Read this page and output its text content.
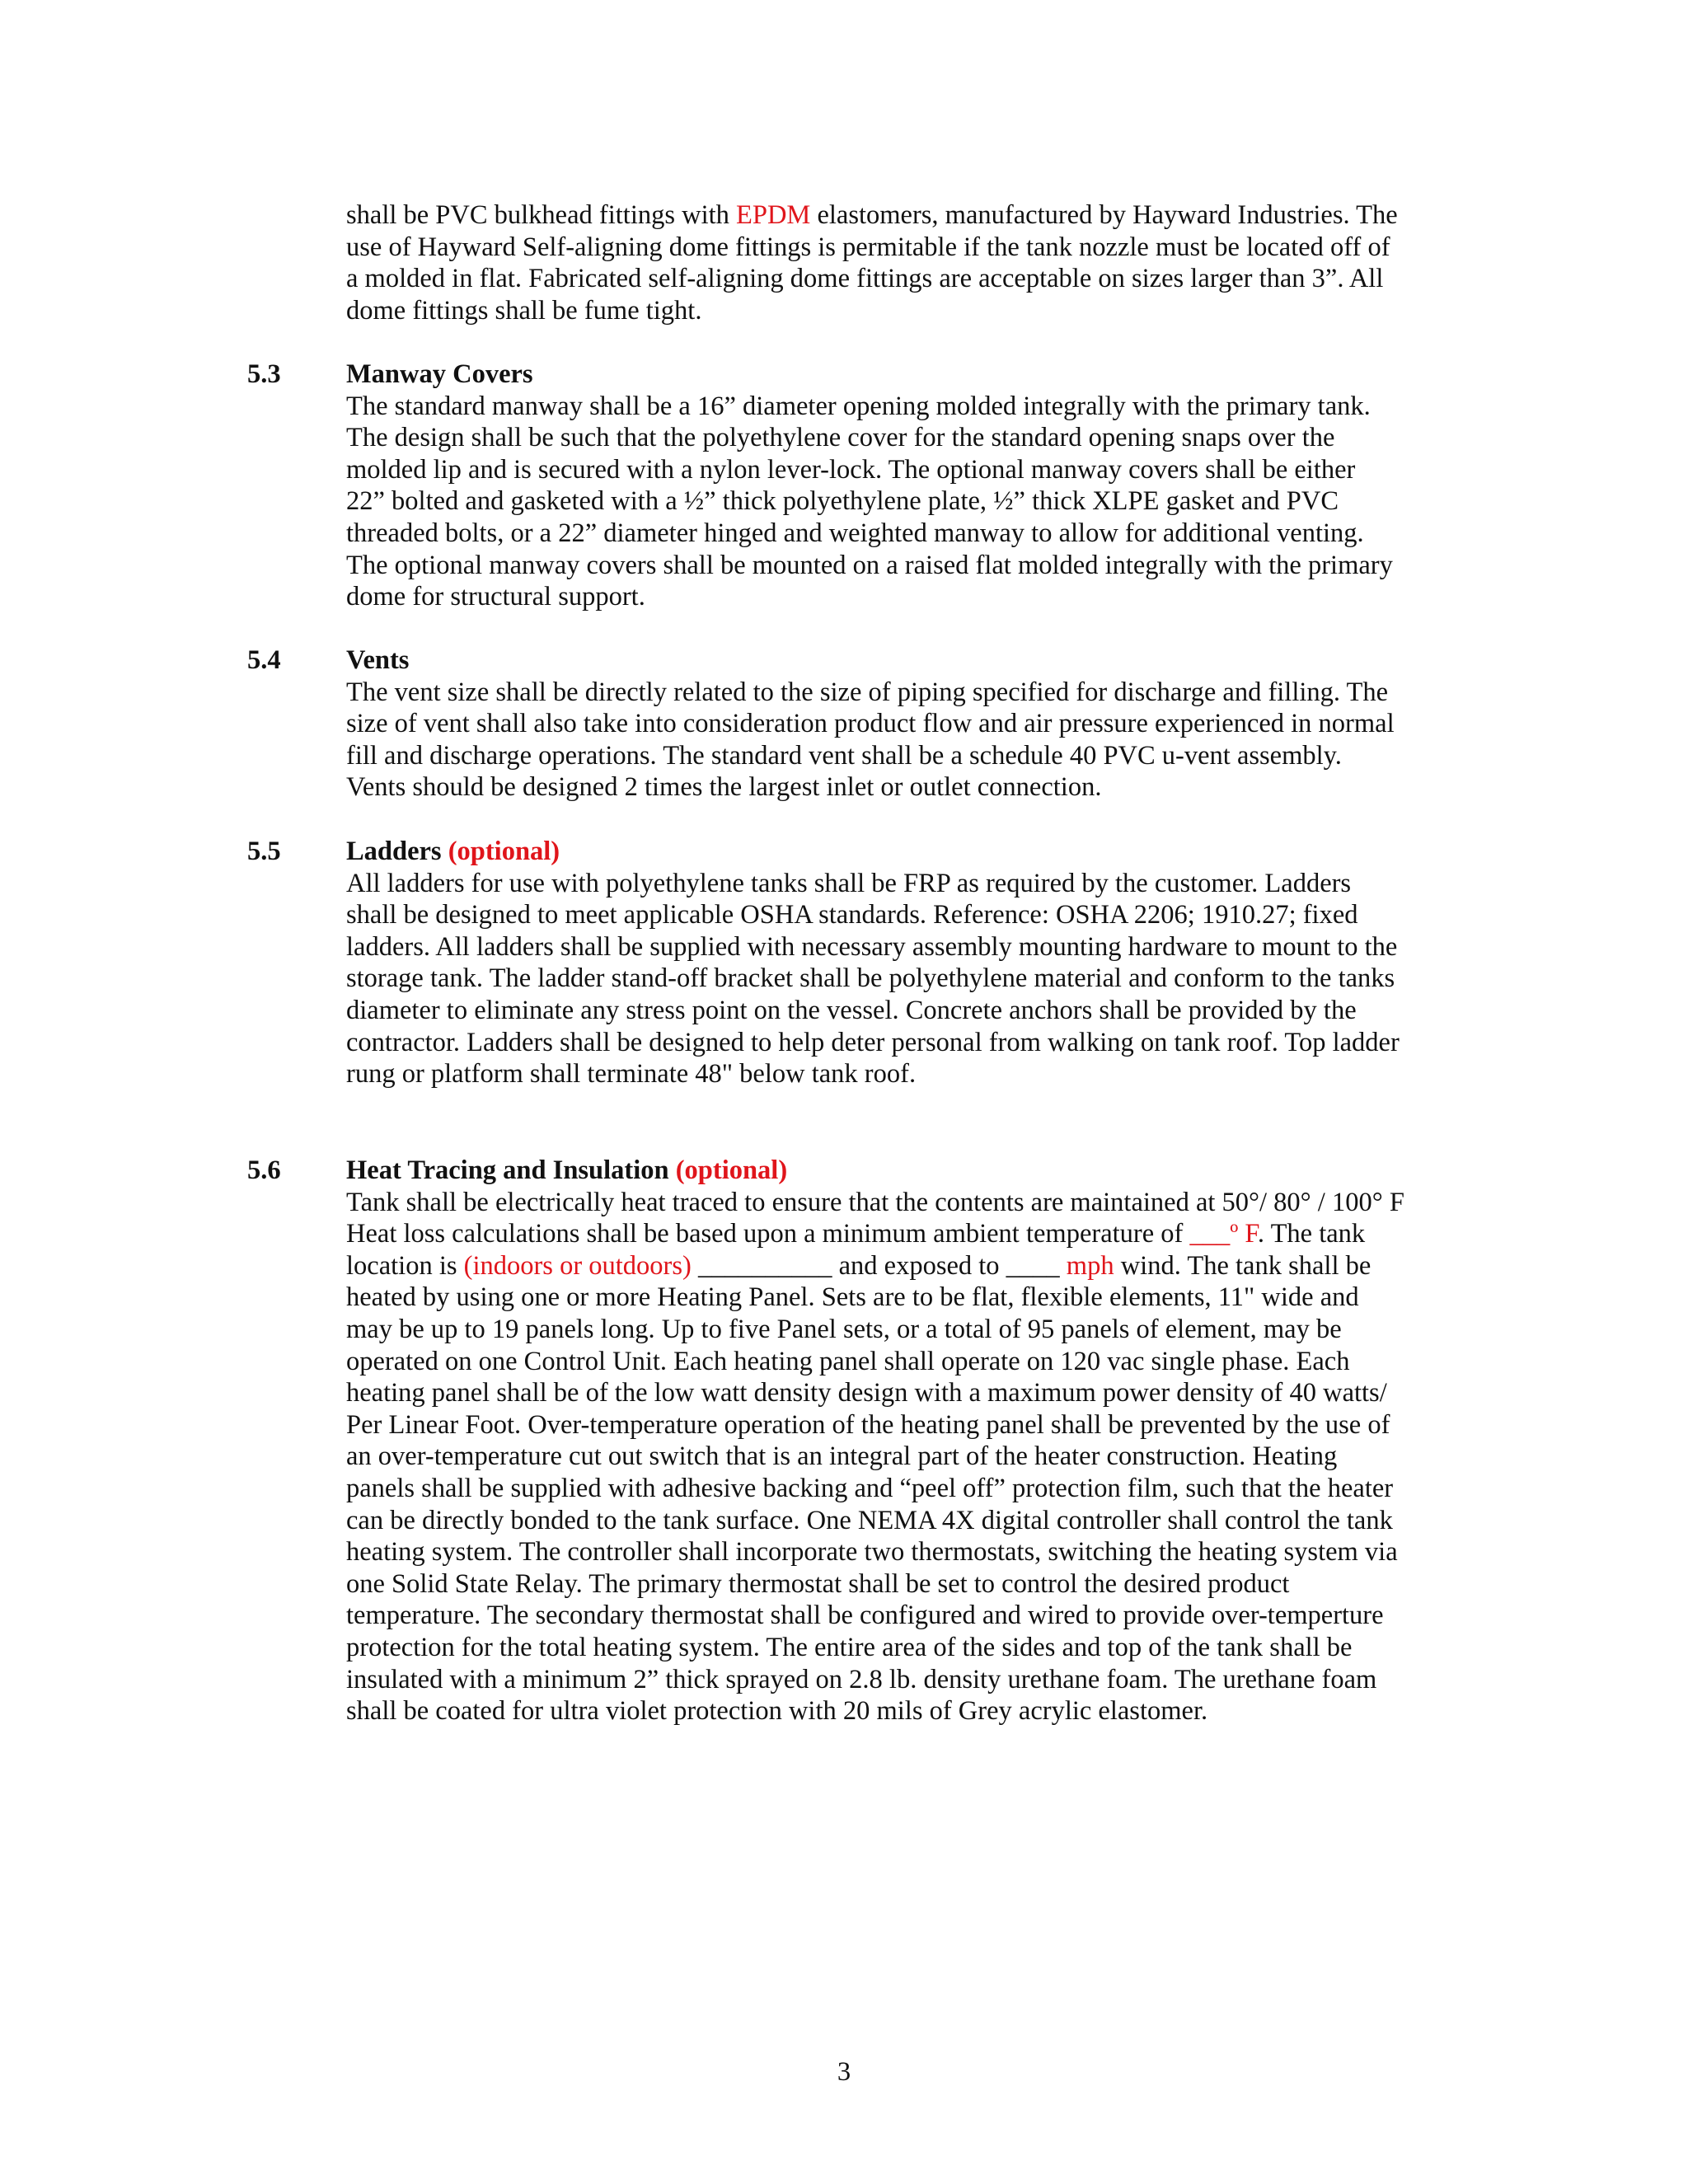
shall be PVC bulkhead fittings with EPDM elastomers, manufactured by Hayward Industries. The
use of Hayward Self-aligning dome fittings is permitable if the tank nozzle must be located off of
a molded in flat. Fabricated self-aligning dome fittings are acceptable on sizes larger than 3”. All
dome fittings shall be fume tight.
5.3 Manway Covers
The standard manway shall be a 16” diameter opening molded integrally with the primary tank.
The design shall be such that the polyethylene cover for the standard opening snaps over the
molded lip and is secured with a nylon lever-lock. The optional manway covers shall be either
22” bolted and gasketed with a ½” thick polyethylene plate, ½” thick XLPE gasket and PVC
threaded bolts, or a 22” diameter hinged and weighted manway to allow for additional venting.
The optional manway covers shall be mounted on a raised flat molded integrally with the primary
dome for structural support.
5.4 Vents
The vent size shall be directly related to the size of piping specified for discharge and filling. The
size of vent shall also take into consideration product flow and air pressure experienced in normal
fill and discharge operations. The standard vent shall be a schedule 40 PVC u-vent assembly.
Vents should be designed 2 times the largest inlet or outlet connection.
5.5 Ladders (optional)
All ladders for use with polyethylene tanks shall be FRP as required by the customer. Ladders
shall be designed to meet applicable OSHA standards. Reference: OSHA 2206; 1910.27; fixed
ladders. All ladders shall be supplied with necessary assembly mounting hardware to mount to the
storage tank. The ladder stand-off bracket shall be polyethylene material and conform to the tanks
diameter to eliminate any stress point on the vessel. Concrete anchors shall be provided by the
contractor. Ladders shall be designed to help deter personal from walking on tank roof. Top ladder
rung or platform shall terminate 48" below tank roof.
5.6 Heat Tracing and Insulation (optional)
Tank shall be electrically heat traced to ensure that the contents are maintained at 50°/ 80° / 100° F
Heat loss calculations shall be based upon a minimum ambient temperature of ___º F. The tank
location is (indoors or outdoors) __________ and exposed to ____ mph wind. The tank shall be
heated by using one or more Heating Panel. Sets are to be flat, flexible elements, 11" wide and
may be up to 19 panels long. Up to five Panel sets, or a total of 95 panels of element, may be
operated on one Control Unit. Each heating panel shall operate on 120 vac single phase. Each
heating panel shall be of the low watt density design with a maximum power density of 40 watts/
Per Linear Foot. Over-temperature operation of the heating panel shall be prevented by the use of
an over-temperature cut out switch that is an integral part of the heater construction. Heating
panels shall be supplied with adhesive backing and “peel off” protection film, such that the heater
can be directly bonded to the tank surface. One NEMA 4X digital controller shall control the tank
heating system. The controller shall incorporate two thermostats, switching the heating system via
one Solid State Relay. The primary thermostat shall be set to control the desired product
temperature. The secondary thermostat shall be configured and wired to provide over-temperture
protection for the total heating system. The entire area of the sides and top of the tank shall be
insulated with a minimum 2” thick sprayed on 2.8 lb. density urethane foam. The urethane foam
shall be coated for ultra violet protection with 20 mils of Grey acrylic elastomer.
3
